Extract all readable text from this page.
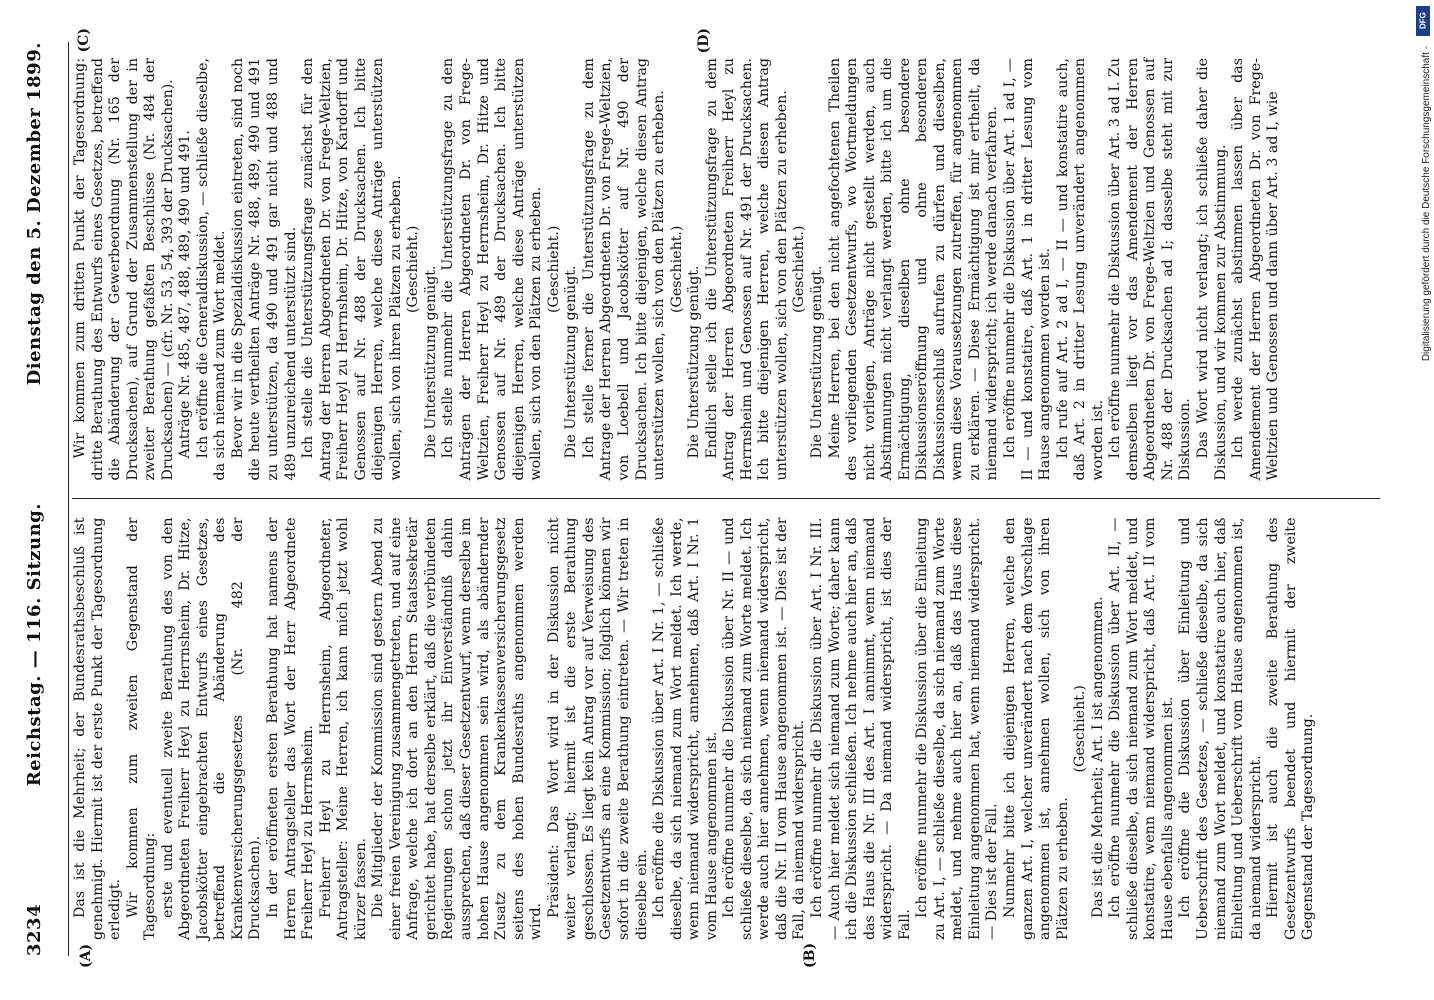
3234
Reichstag. — 116. Sitzung.
Dienstag den 5. Dezember 1899.
(A)	(B)

Das ist die Mehrheit; der Bundesrathsbeschluß ist genehmigt. Hiermit ist der erste Punkt der Tagesordnung erledigt. Wir kommen zum zweiten Gegenstand der Tagesordnung: erste und eventuell zweite Berathung des von den Abgeordneten Freiherr Heyl zu Herrnsheim, Dr. Hitze, Jacobskötter eingebrachten Entwurfs eines Gesetzes, betreffend die Abänderung des Krankenversicherungsgesetzes (Nr. 482 der Drucksachen). In der eröffneten ersten Berathung hat namens der Herren Antragsteller das Wort der Herr Abgeordnete Freiherr Heyl zu Herrnsheim. Freiherr Heyl zu Herrnsheim, Abgeordneter, Antragsteller: Meine Herren, ich kann mich jetzt wohl kürzer fassen. Die Mitglieder der Kommission sind gestern Abend zu einer freien Vereinigung zusammengetreten, und auf eine Anfrage, welche ich dort an den Herrn Staatssekretär gerichtet habe, hat derselbe erklärt, daß die verbündeten Regierungen schon jetzt ihr Einverständniß dahin aussprechen, daß dieser Gesetzentwurf, wenn derselbe im hohen Hause angenommen sein wird, als abändernder Zusatz zu dem Krankenkassenversicherungsgesetz seitens des hohen Bundesraths angenommen werden wird.

Präsident: Das Wort wird in der Diskussion nicht weiter verlangt; hiermit ist die erste Berathung geschlossen. Es liegt kein Antrag vor auf Verweisung des Gesetzentwurfs an eine Kommission; folglich können wir sofort in die zweite Berathung eintreten. — Wir treten in dieselbe ein. Ich eröffne die Diskussion über Art. I Nr. 1, — schließe dieselbe, da sich niemand zum Wort meldet. Ich werde, wenn niemand widerspricht, annehmen, daß Art. I Nr. 1 vom Hause angenommen ist. Ich eröffne nunmehr die Diskussion über Nr. II — und schließe dieselbe, da sich niemand zum Worte meldet. Ich werde auch hier annehmen, wenn niemand widerspricht, daß die Nr. II vom Hause angenommen ist. — Dies ist der Fall, da niemand widerspricht. Ich eröffne nunmehr die Diskussion über Art. I Nr. III. — Auch hier meldet sich niemand zum Worte; daher kann ich die Diskussion schließen. Ich nehme auch hier an, daß das Haus die Nr. III des Art. I annimmt, wenn niemand widerspricht. — Da niemand widerspricht, ist dies der Fall.

Ich eröffne nunmehr die Diskussion über die Einleitung zu Art. I, — schließe dieselbe, da sich niemand zum Worte meldet, und nehme auch hier an, daß das Haus diese Einleitung angenommen hat, wenn niemand widerspricht. — Dies ist der Fall. Nunmehr bitte ich diejenigen Herren, welche den ganzen Art. I, welcher unverändert nach dem Vorschlage angenommen ist, annehmen wollen, sich von ihren Plätzen zu erheben.

(Geschieht.) Das ist die Mehrheit; Art. I ist angenommen. Ich eröffne nunmehr die Diskussion über Art. II, — schließe dieselbe, da sich niemand zum Wort meldet, und konstatire, wenn niemand widerspricht, daß Art. II vom Hause ebenfalls angenommen ist. Ich eröffne die Diskussion über Einleitung und Ueberschrift des Gesetzes, — schließe dieselbe, da sich niemand zum Wort meldet, und konstatire auch hier, daß Einleitung und Ueberschrift vom Hause angenommen ist, da niemand widerspricht. Hiermit ist auch die zweite Berathung des Gesetzentwurfs beendet und hiermit der zweite Gegenstand der Tagesordnung.

(C)	(D)

Wir kommen zum dritten Punkt der Tagesordnung: dritte Berathung des Entwurfs eines Gesetzes, betreffend die Abänderung der Gewerbeordnung (Nr. 165 der Drucksachen), auf Grund der Zusammenstellung der in zweiter Berathung gefaßten Beschlüsse (Nr. 484 der Drucksachen) — (cfr. Nr. 53, 54, 393 der Drucksachen). Anträge Nr. 485, 487, 488, 489, 490 und 491. Ich eröffne die Generaldiskussion, — schließe dieselbe, da sich niemand zum Wort meldet. Bevor wir in die Spezialdiskussion eintreten, sind noch die heute vertheilten Anträge Nr. 488, 489, 490 und 491 zu unterstützen, da 490 und 491 gar nicht und 488 und 489 unzureichend unterstützt sind. Ich stelle die Unterstützungsfrage zunächst für den Antrag der Herren Abgeordneten Dr. von Frege-Weltzien, Freiherr Heyl zu Herrnsheim, Dr. Hitze, von Kardorff und Genossen auf Nr. 488 der Drucksachen. Ich bitte diejenigen Herren, welche diese Anträge unterstützen wollen, sich von ihren Plätzen zu erheben. (Geschieht.) Die Unterstützung genügt. Ich stelle nunmehr die Unterstützungsfrage zu den Anträgen der Herren Abgeordneten Dr. von Frege-Weltzien, Freiherr Heyl zu Herrnsheim, Dr. Hitze und Genossen auf Nr. 489 der Drucksachen. Ich bitte diejenigen Herren, welche diese Anträge unterstützen wollen, sich von den Plätzen zu erheben. (Geschieht.) Die Unterstützung genügt. Ich stelle ferner die Unterstützungsfrage zu dem Antrage der Herren Abgeordneten Dr. von Frege-Weltzien, von Loebell und Jacobskötter auf Nr. 490 der Drucksachen. Ich bitte diejenigen, welche diesen Antrag unterstützen wollen, sich von den Plätzen zu erheben. (Geschieht.) Die Unterstützung genügt. Endlich stelle ich die Unterstützungsfrage zu dem Antrag der Herren Abgeordneten Freiherr Heyl zu Herrnsheim und Genossen auf Nr. 491 der Drucksachen. Ich bitte diejenigen Herren, welche diesen Antrag unterstützen wollen, sich von den Plätzen zu erheben. (Geschieht.) Die Unterstützung genügt. Meine Herren, bei den nicht angefochtenen Theilen des vorliegenden Gesetzentwurfs, wo Wortmeldungen nicht vorliegen, Anträge nicht gestellt werden, auch Abstimmungen nicht verlangt werden, bitte ich um die Ermächtigung, dieselben ohne besondere Diskussionseröffnung und ohne besonderen Diskussionsschluß aufrufen zu dürfen und dieselben, wenn diese Voraussetzungen zutreffen, für angenommen zu erklären. — Diese Ermächtigung ist mir ertheilt, da niemand widerspricht; ich werde danach verfahren. Ich eröffne nunmehr die Diskussion über Art. 1 ad I, — II — und konstatire, daß Art. 1 in dritter Lesung vom Hause angenommen worden ist. Ich rufe auf Art. 2 ad I, — II — und konstatire auch, daß Art. 2 in dritter Lesung unverändert angenommen worden ist. Ich eröffne nunmehr die Diskussion über Art. 3 ad I. Zu demselben liegt vor das Amendement der Herren Abgeordneten Dr. von Frege-Weltzien und Genossen auf Nr. 488 der Drucksachen ad I; dasselbe steht mit zur Diskussion. Das Wort wird nicht verlangt; ich schließe daher die Diskussion, und wir kommen zur Abstimmung. Ich werde zunächst abstimmen lassen über das Amendement der Herren Abgeordneten Dr. von Frege-Weltzien und Genossen und dann über Art. 3 ad I, wie

DFG
Digitalisierung gefördert durch die Deutsche Forschungsgemeinschaft -
